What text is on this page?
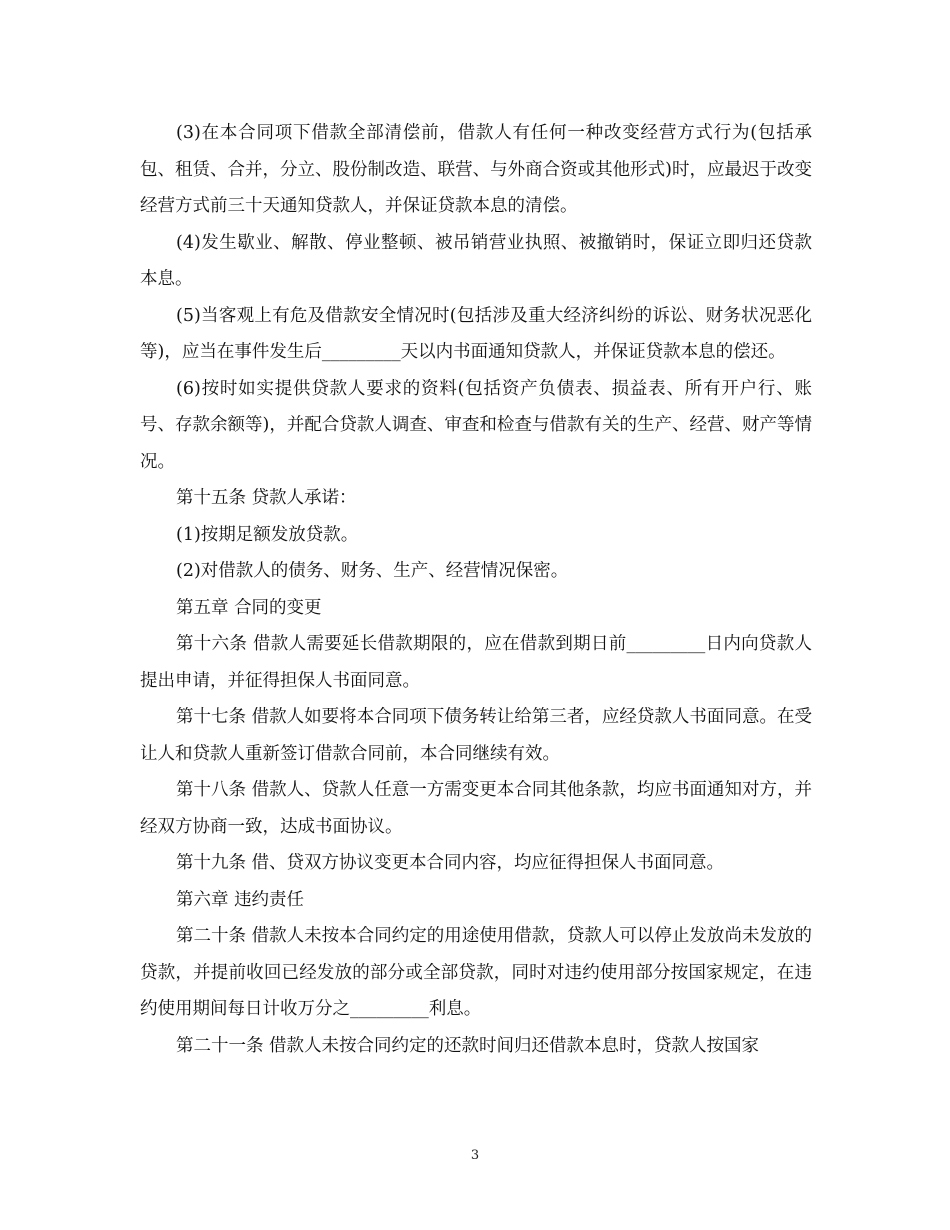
(3)在本合同项下借款全部清偿前，借款人有任何一种改变经营方式行为(包括承包、租赁、合并，分立、股份制改造、联营、与外商合资或其他形式)时，应最迟于改变经营方式前三十天通知贷款人，并保证贷款本息的清偿。

(4)发生歇业、解散、停业整顿、被吊销营业执照、被撤销时，保证立即归还贷款本息。

(5)当客观上有危及借款安全情况时(包括涉及重大经济纠纷的诉讼、财务状况恶化等)，应当在事件发生后_________天以内书面通知贷款人，并保证贷款本息的偿还。

(6)按时如实提供贷款人要求的资料(包括资产负债表、损益表、所有开户行、账号、存款余额等)，并配合贷款人调查、审查和检查与借款有关的生产、经营、财产等情况。

第十五条 贷款人承诺：

(1)按期足额发放贷款。

(2)对借款人的债务、财务、生产、经营情况保密。

第五章 合同的变更

第十六条 借款人需要延长借款期限的，应在借款到期日前_________日内向贷款人提出申请，并征得担保人书面同意。

第十七条 借款人如要将本合同项下债务转让给第三者，应经贷款人书面同意。在受让人和贷款人重新签订借款合同前，本合同继续有效。

第十八条 借款人、贷款人任意一方需变更本合同其他条款，均应书面通知对方，并经双方协商一致，达成书面协议。

第十九条 借、贷双方协议变更本合同内容，均应征得担保人书面同意。

第六章 违约责任

第二十条 借款人未按本合同约定的用途使用借款，贷款人可以停止发放尚未发放的贷款，并提前收回已经发放的部分或全部贷款，同时对违约使用部分按国家规定，在违约使用期间每日计收万分之_________利息。

第二十一条 借款人未按合同约定的还款时间归还借款本息时，贷款人按国家

3
